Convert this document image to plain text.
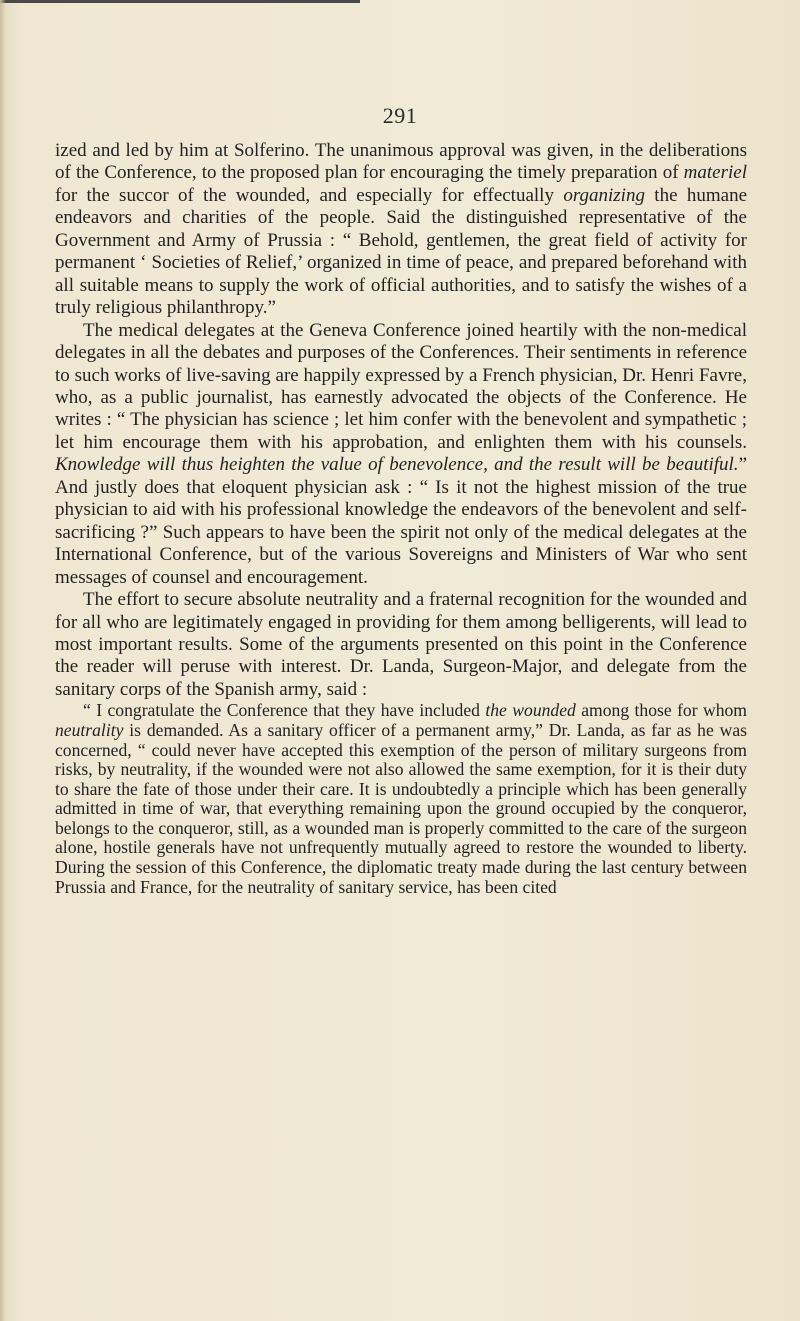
291

ized and led by him at Solferino. The unanimous approval was given, in the deliberations of the Conference, to the proposed plan for encouraging the timely preparation of materiel for the succor of the wounded, and especially for effectually organizing the humane endeavors and charities of the people. Said the distinguished representative of the Government and Army of Prussia : “ Behold, gentlemen, the great field of activity for permanent ‘ Societies of Relief,’ organized in time of peace, and prepared beforehand with all suitable means to supply the work of official authorities, and to satisfy the wishes of a truly religious philanthropy.”

The medical delegates at the Geneva Conference joined heartily with the non-medical delegates in all the debates and purposes of the Conferences. Their sentiments in reference to such works of live-saving are happily expressed by a French physician, Dr. Henri Favre, who, as a public journalist, has earnestly advocated the objects of the Conference. He writes : “ The physician has science ; let him confer with the benevolent and sympathetic ; let him encourage them with his approbation, and enlighten them with his counsels. Knowledge will thus heighten the value of benevolence, and the result will be beautiful.” And justly does that eloquent physician ask : “ Is it not the highest mission of the true physician to aid with his professional knowledge the endeavors of the benevolent and self-sacrificing ?” Such appears to have been the spirit not only of the medical delegates at the International Conference, but of the various Sovereigns and Ministers of War who sent messages of counsel and encouragement.

The effort to secure absolute neutrality and a fraternal recognition for the wounded and for all who are legitimately engaged in providing for them among belligerents, will lead to most important results. Some of the arguments presented on this point in the Conference the reader will peruse with interest. Dr. Landa, Surgeon-Major, and delegate from the sanitary corps of the Spanish army, said :

“ I congratulate the Conference that they have included the wounded among those for whom neutrality is demanded. As a sanitary officer of a permanent army,” Dr. Landa, as far as he was concerned, “ could never have accepted this exemption of the person of military surgeons from risks, by neutrality, if the wounded were not also allowed the same exemption, for it is their duty to share the fate of those under their care. It is undoubtedly a principle which has been generally admitted in time of war, that everything remaining upon the ground occupied by the conqueror, belongs to the conqueror, still, as a wounded man is properly committed to the care of the surgeon alone, hostile generals have not unfrequently mutually agreed to restore the wounded to liberty. During the session of this Conference, the diplomatic treaty made during the last century between Prussia and France, for the neutrality of sanitary service, has been cited
